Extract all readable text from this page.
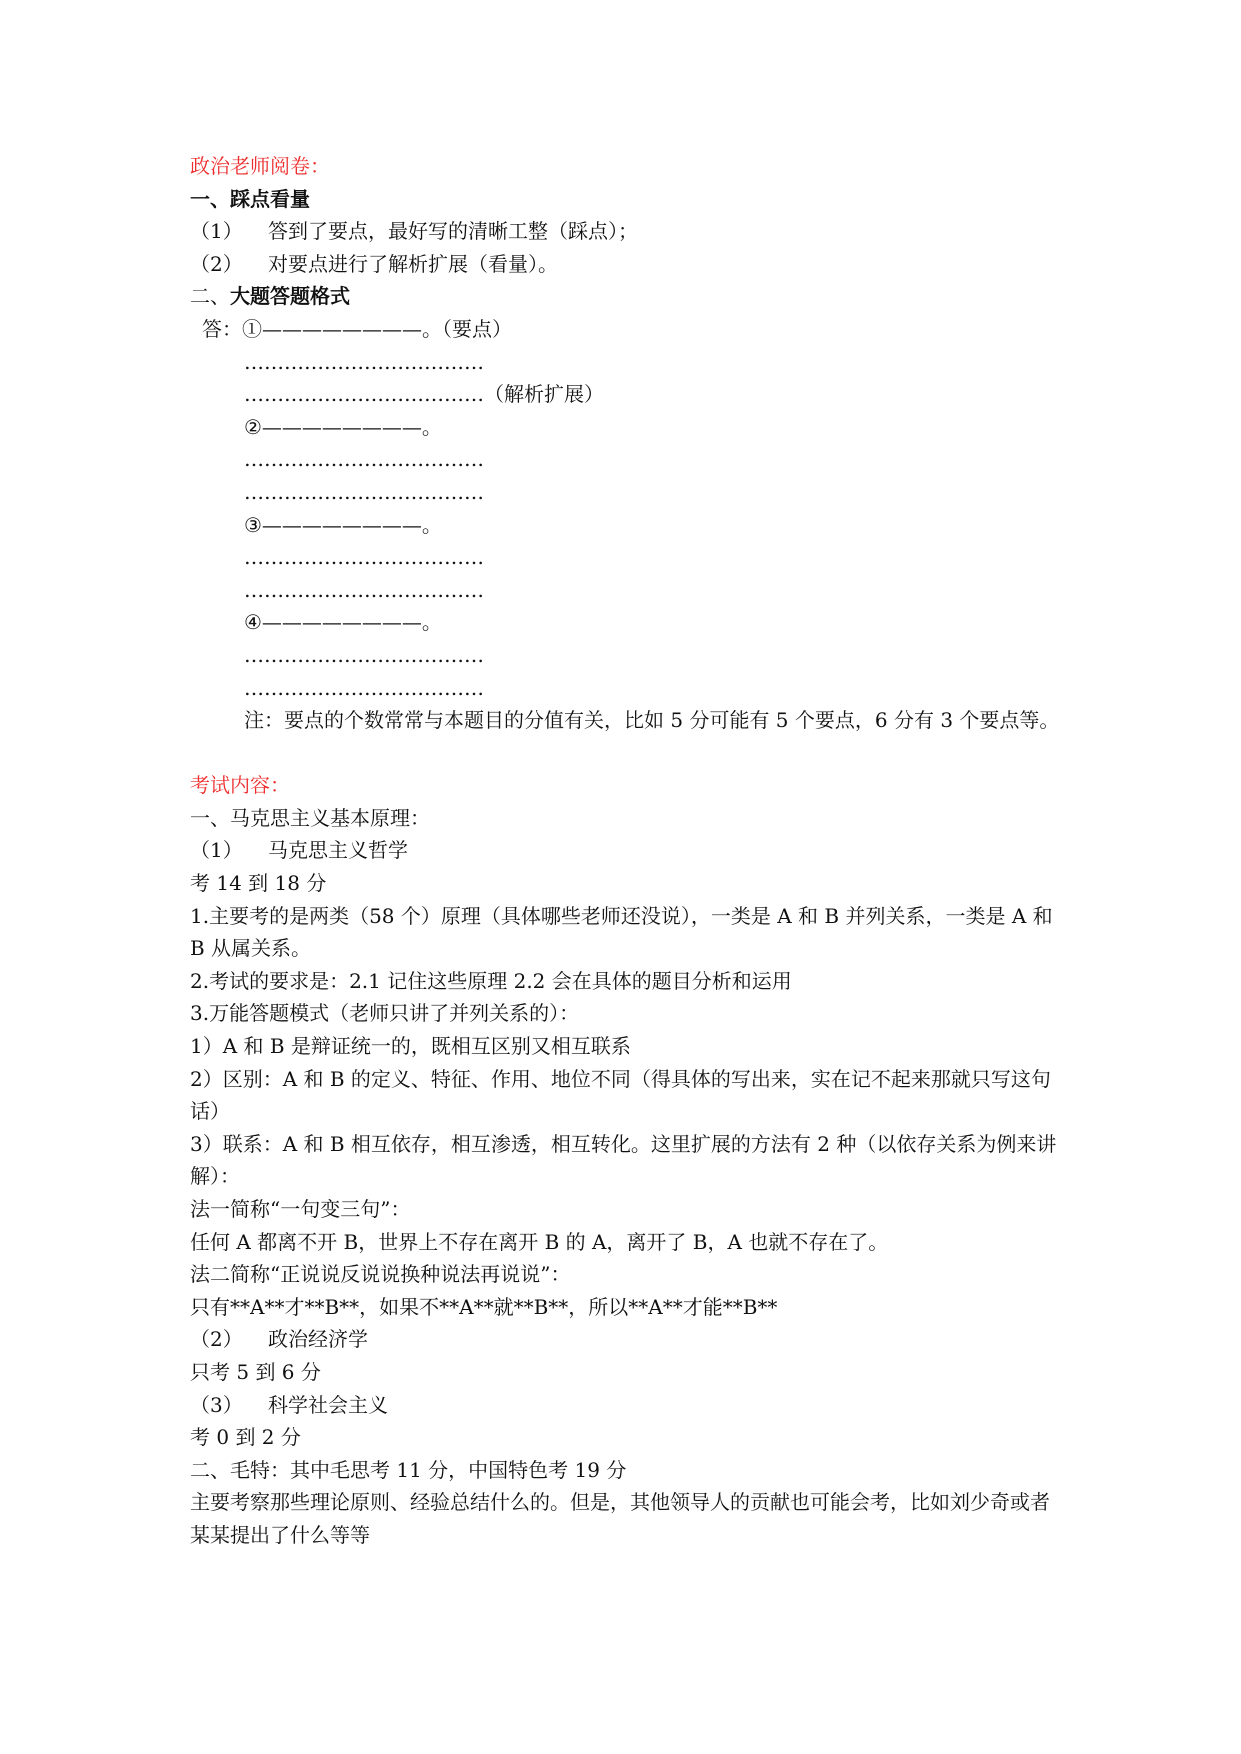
政治老师阅卷：
一、踩点看量
（1） 答到了要点，最好写的清晰工整（踩点）；
（2） 对要点进行了解析扩展（看量）。
二、大题答题格式
答：①————————。（要点）
………………………………
………………………………（解析扩展）
②————————。
………………………………
………………………………
③————————。
………………………………
………………………………
④————————。
………………………………
………………………………
注：要点的个数常常与本题目的分值有关，比如 5 分可能有 5 个要点，6 分有 3 个要点等。
考试内容：
一、马克思主义基本原理：
（1） 马克思主义哲学
考 14 到 18 分
1.主要考的是两类（58 个）原理（具体哪些老师还没说），一类是 A 和 B 并列关系，一类是 A 和 B 从属关系。
2.考试的要求是：2.1 记住这些原理 2.2 会在具体的题目分析和运用
3.万能答题模式（老师只讲了并列关系的）：
1）A 和 B 是辩证统一的，既相互区别又相互联系
2）区别：A 和 B 的定义、特征、作用、地位不同（得具体的写出来，实在记不起来那就只写这句话）
3）联系：A 和 B 相互依存，相互渗透，相互转化。这里扩展的方法有 2 种（以依存关系为例来讲解）：
法一简称“一句变三句”：
任何 A 都离不开 B，世界上不存在离开 B 的 A，离开了 B，A 也就不存在了。
法二简称“正说说反说说换种说法再说说”：
只有**A**才**B**，如果不**A**就**B**，所以**A**才能**B**
（2） 政治经济学
只考 5 到 6 分
（3） 科学社会主义
考 0 到 2 分
二、毛特：其中毛思考 11 分，中国特色考 19 分
主要考察那些理论原则、经验总结什么的。但是，其他领导人的贡献也可能会考，比如刘少奇或者某某提出了什么等等
